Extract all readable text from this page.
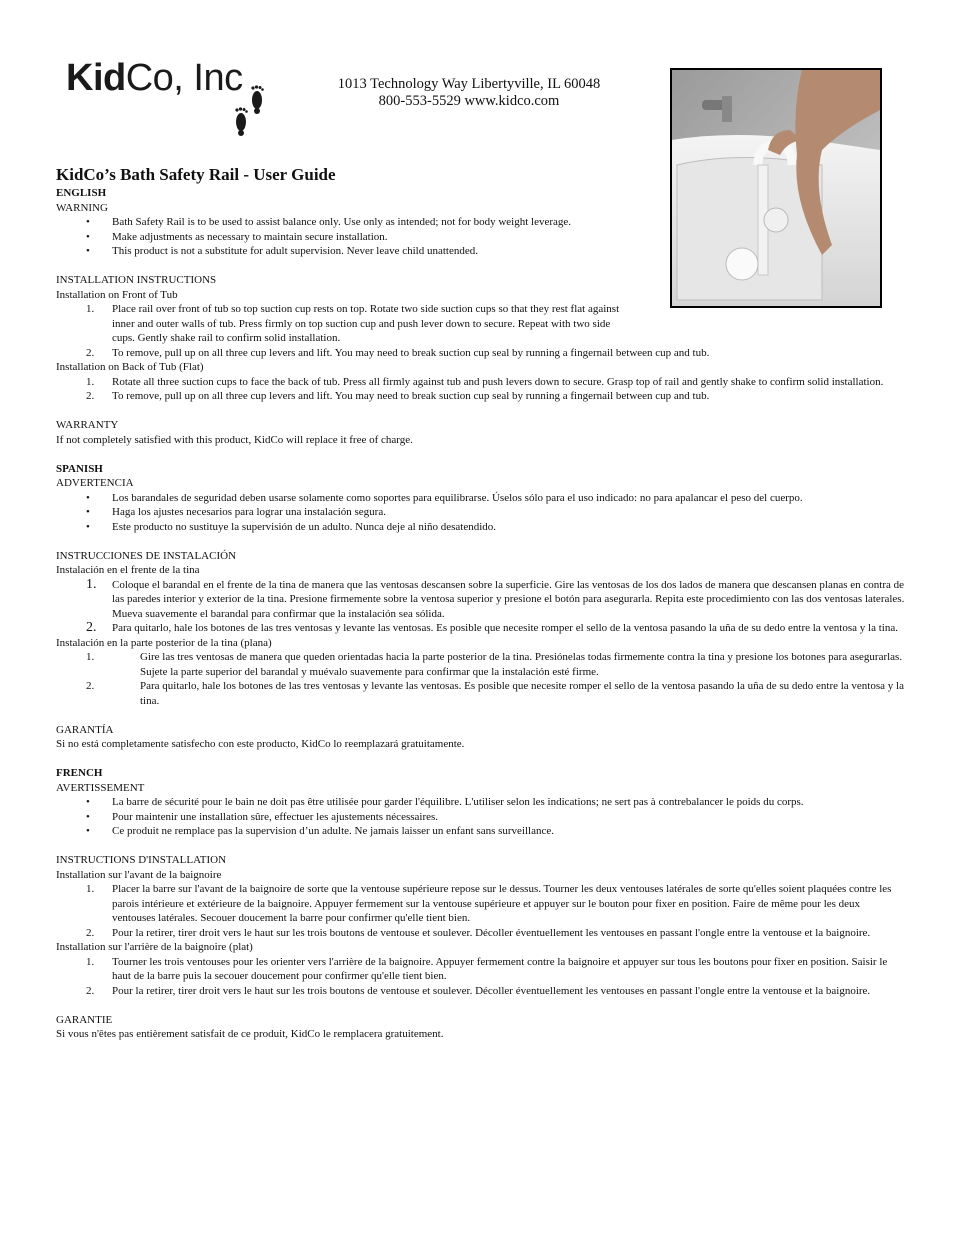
KidCo, Inc	1013 Technology Way Libertyville, IL 60048
800-553-5529 www.kidco.com
KidCo’s Bath Safety Rail - User Guide
ENGLISH
WARNING
• Bath Safety Rail is to be used to assist balance only. Use only as intended; not for body weight leverage.
• Make adjustments as necessary to maintain secure installation.
• This product is not a substitute for adult supervision. Never leave child unattended.
INSTALLATION INSTRUCTIONS
Installation on Front of Tub
1. Place rail over front of tub so top suction cup rests on top. Rotate two side suction cups so that they rest flat against inner and outer walls of tub. Press firmly on top suction cup and push lever down to secure. Repeat with two side cups. Gently shake rail to confirm solid installation.
2. To remove, pull up on all three cup levers and lift. You may need to break suction cup seal by running a fingernail between cup and tub.
Installation on Back of Tub (Flat)
1. Rotate all three suction cups to face the back of tub. Press all firmly against tub and push levers down to secure. Grasp top of rail and gently shake to confirm solid installation.
2. To remove, pull up on all three cup levers and lift. You may need to break suction cup seal by running a fingernail between cup and tub.
WARRANTY
If not completely satisfied with this product, KidCo will replace it free of charge.
SPANISH
ADVERTENCIA
• Los barandales de seguridad deben usarse solamente como soportes para equilibrarse. Úselos sólo para el uso indicado: no para apalancar el peso del cuerpo.
• Haga los ajustes necesarios para lograr una instalación segura.
• Este producto no sustituye la supervisión de un adulto. Nunca deje al niño desatendido.
INSTRUCCIONES DE INSTALACIÓN
Instalación en el frente de la tina
1. Coloque el barandal en el frente de la tina de manera que las ventosas descansen sobre la superficie. Gire las ventosas de los dos lados de manera que descansen planas en contra de las paredes interior y exterior de la tina. Presione firmemente sobre la ventosa superior y presione el botón para asegurarla. Repita este procedimiento con las dos ventosas laterales. Mueva suavemente el barandal para confirmar que la instalación sea sólida.
2. Para quitarlo, hale los botones de las tres ventosas y levante las ventosas. Es posible que necesite romper el sello de la ventosa pasando la uña de su dedo entre la ventosa y la tina.
Instalación en la parte posterior de la tina (plana)
1.	Gire las tres ventosas de manera que queden orientadas hacia la parte posterior de la tina. Presiónelas todas firmemente contra la tina y presione los botones para asegurarlas. Sujete la parte superior del barandal y muévalo suavemente para confirmar que la instalación esté firme.
2.	Para quitarlo, hale los botones de las tres ventosas y levante las ventosas. Es posible que necesite romper el sello de la ventosa pasando la uña de su dedo entre la ventosa y la tina.
GARANTÍA
Si no está completamente satisfecho con este producto, KidCo lo reemplazará gratuitamente.
FRENCH
AVERTISSEMENT
• La barre de sécurité pour le bain ne doit pas être utilisée pour garder l'équilibre. L'utiliser selon les indications; ne sert pas à contrebalancer le poids du corps.
• Pour maintenir une installation sûre, effectuer les ajustements nécessaires.
• Ce produit ne remplace pas la supervision d’un adulte. Ne jamais laisser un enfant sans surveillance.
INSTRUCTIONS D'INSTALLATION
Installation sur l'avant de la baignoire
1. Placer la barre sur l'avant de la baignoire de sorte que la ventouse supérieure repose sur le dessus. Tourner les deux ventouses latérales de sorte qu'elles soient plaquées contre les parois intérieure et extérieure de la baignoire. Appuyer fermement sur la ventouse supérieure et appuyer sur le bouton pour fixer en position. Faire de même pour les deux ventouses latérales. Secouer doucement la barre pour confirmer qu'elle tient bien.
2. Pour la retirer, tirer droit vers le haut sur les trois boutons de ventouse et soulever. Décoller éventuellement les ventouses en passant l'ongle entre la ventouse et la baignoire.
Installation sur l'arrière de la baignoire (plat)
1. Tourner les trois ventouses pour les orienter vers l'arrière de la baignoire. Appuyer fermement contre la baignoire et appuyer sur tous les boutons pour fixer en position. Saisir le haut de la barre puis la secouer doucement pour confirmer qu'elle tient bien.
2. Pour la retirer, tirer droit vers le haut sur les trois boutons de ventouse et soulever. Décoller éventuellement les ventouses en passant l'ongle entre la ventouse et la baignoire.
GARANTIE
Si vous n'êtes pas entièrement satisfait de ce produit, KidCo le remplacera gratuitement.
